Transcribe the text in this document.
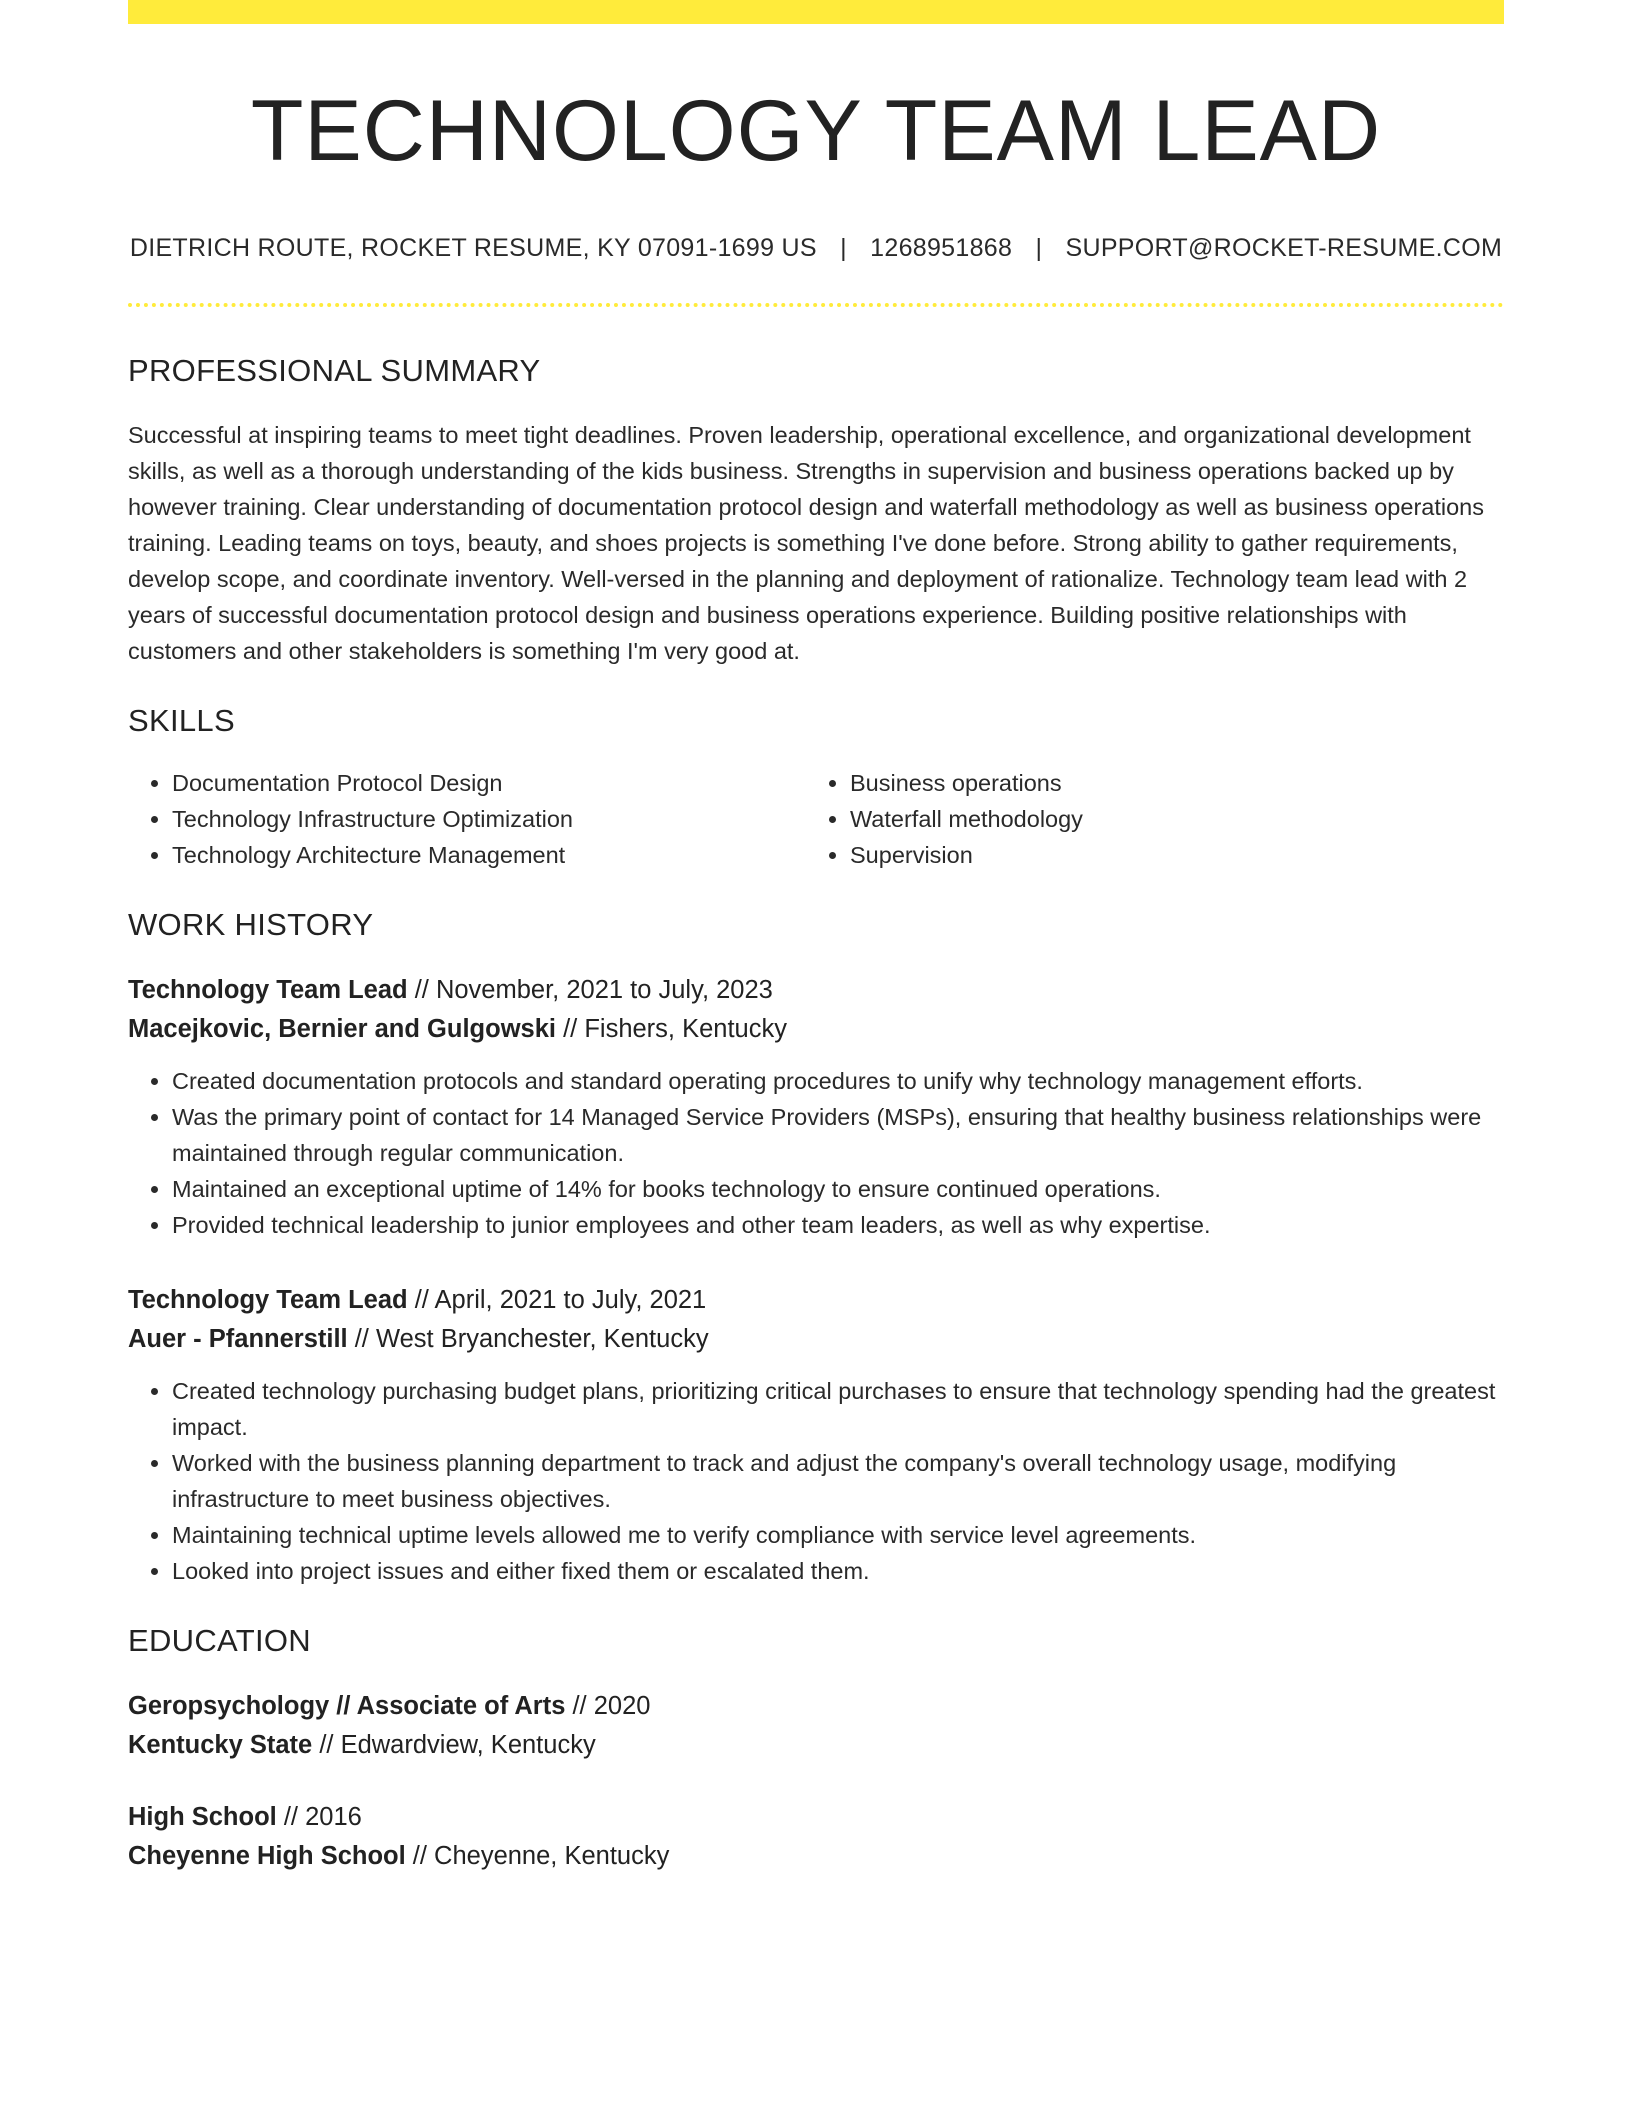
TECHNOLOGY TEAM LEAD
DIETRICH ROUTE, ROCKET RESUME, KY 07091-1699 US | 1268951868 | SUPPORT@ROCKET-RESUME.COM
PROFESSIONAL SUMMARY

Successful at inspiring teams to meet tight deadlines. Proven leadership, operational excellence, and organizational development skills, as well as a thorough understanding of the kids business. Strengths in supervision and business operations backed up by however training. Clear understanding of documentation protocol design and waterfall methodology as well as business operations training. Leading teams on toys, beauty, and shoes projects is something I've done before. Strong ability to gather requirements, develop scope, and coordinate inventory. Well-versed in the planning and deployment of rationalize. Technology team lead with 2 years of successful documentation protocol design and business operations experience. Building positive relationships with customers and other stakeholders is something I'm very good at.

SKILLS
• Documentation Protocol Design
• Technology Infrastructure Optimization
• Technology Architecture Management
• Business operations
• Waterfall methodology
• Supervision
WORK HISTORY
Technology Team Lead // November, 2021 to July, 2023
Macejkovic, Bernier and Gulgowski // Fishers, Kentucky
• Created documentation protocols and standard operating procedures to unify why technology management efforts.
• Was the primary point of contact for 14 Managed Service Providers (MSPs), ensuring that healthy business relationships were maintained through regular communication.
• Maintained an exceptional uptime of 14% for books technology to ensure continued operations.
• Provided technical leadership to junior employees and other team leaders, as well as why expertise.
Technology Team Lead // April, 2021 to July, 2021
Auer - Pfannerstill // West Bryanchester, Kentucky
• Created technology purchasing budget plans, prioritizing critical purchases to ensure that technology spending had the greatest impact.
• Worked with the business planning department to track and adjust the company's overall technology usage, modifying infrastructure to meet business objectives.
• Maintaining technical uptime levels allowed me to verify compliance with service level agreements.
• Looked into project issues and either fixed them or escalated them.
EDUCATION
Geropsychology // Associate of Arts // 2020
Kentucky State // Edwardview, Kentucky
High School // 2016
Cheyenne High School // Cheyenne, Kentucky
